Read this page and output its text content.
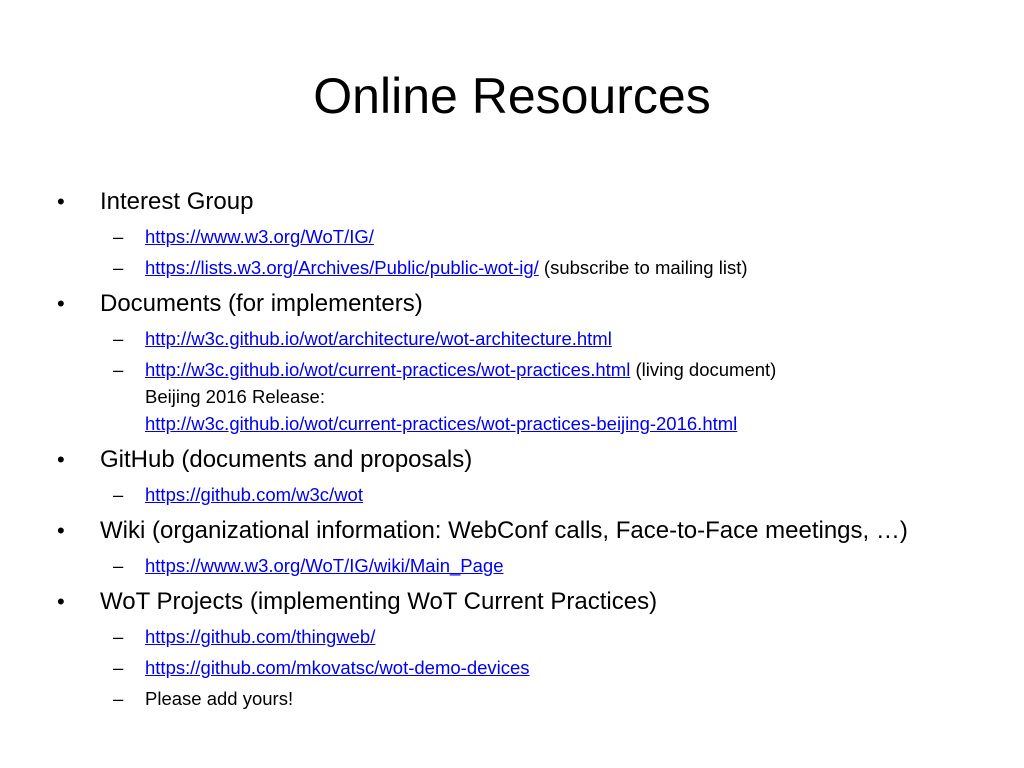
Online Resources
• Interest Group
– https://www.w3.org/WoT/IG/
– https://lists.w3.org/Archives/Public/public-wot-ig/ (subscribe to mailing list)
• Documents (for implementers)
– http://w3c.github.io/wot/architecture/wot-architecture.html
– http://w3c.github.io/wot/current-practices/wot-practices.html (living document)
Beijing 2016 Release:
http://w3c.github.io/wot/current-practices/wot-practices-beijing-2016.html
• GitHub (documents and proposals)
– https://github.com/w3c/wot
• Wiki (organizational information: WebConf calls, Face-to-Face meetings, …)
– https://www.w3.org/WoT/IG/wiki/Main_Page
• WoT Projects (implementing WoT Current Practices)
– https://github.com/thingweb/
– https://github.com/mkovatsc/wot-demo-devices
– Please add yours!
